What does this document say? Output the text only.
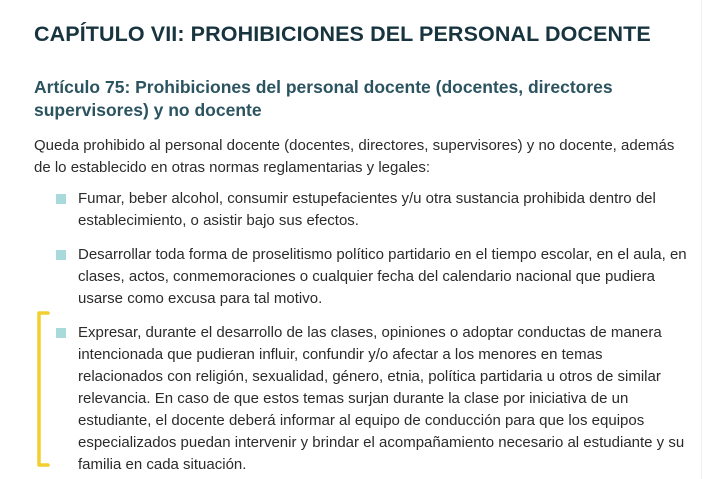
CAPÍTULO VII: PROHIBICIONES DEL PERSONAL DOCENTE
Artículo 75: Prohibiciones del personal docente (docentes, directores supervisores) y no docente
Queda prohibido al personal docente (docentes, directores, supervisores) y no docente, además de lo establecido en otras normas reglamentarias y legales:
Fumar, beber alcohol, consumir estupefacientes y/u otra sustancia prohibida dentro del establecimiento, o asistir bajo sus efectos.
Desarrollar toda forma de proselitismo político partidario en el tiempo escolar, en el aula, en clases, actos, conmemoraciones o cualquier fecha del calendario nacional que pudiera usarse como excusa para tal motivo.
Expresar, durante el desarrollo de las clases, opiniones o adoptar conductas de manera intencionada que pudieran influir, confundir y/o afectar a los menores en temas relacionados con religión, sexualidad, género, etnia, política partidaria u otros de similar relevancia. En caso de que estos temas surjan durante la clase por iniciativa de un estudiante, el docente deberá informar al equipo de conducción para que los equipos especializados puedan intervenir y brindar el acompañamiento necesario al estudiante y su familia en cada situación.
